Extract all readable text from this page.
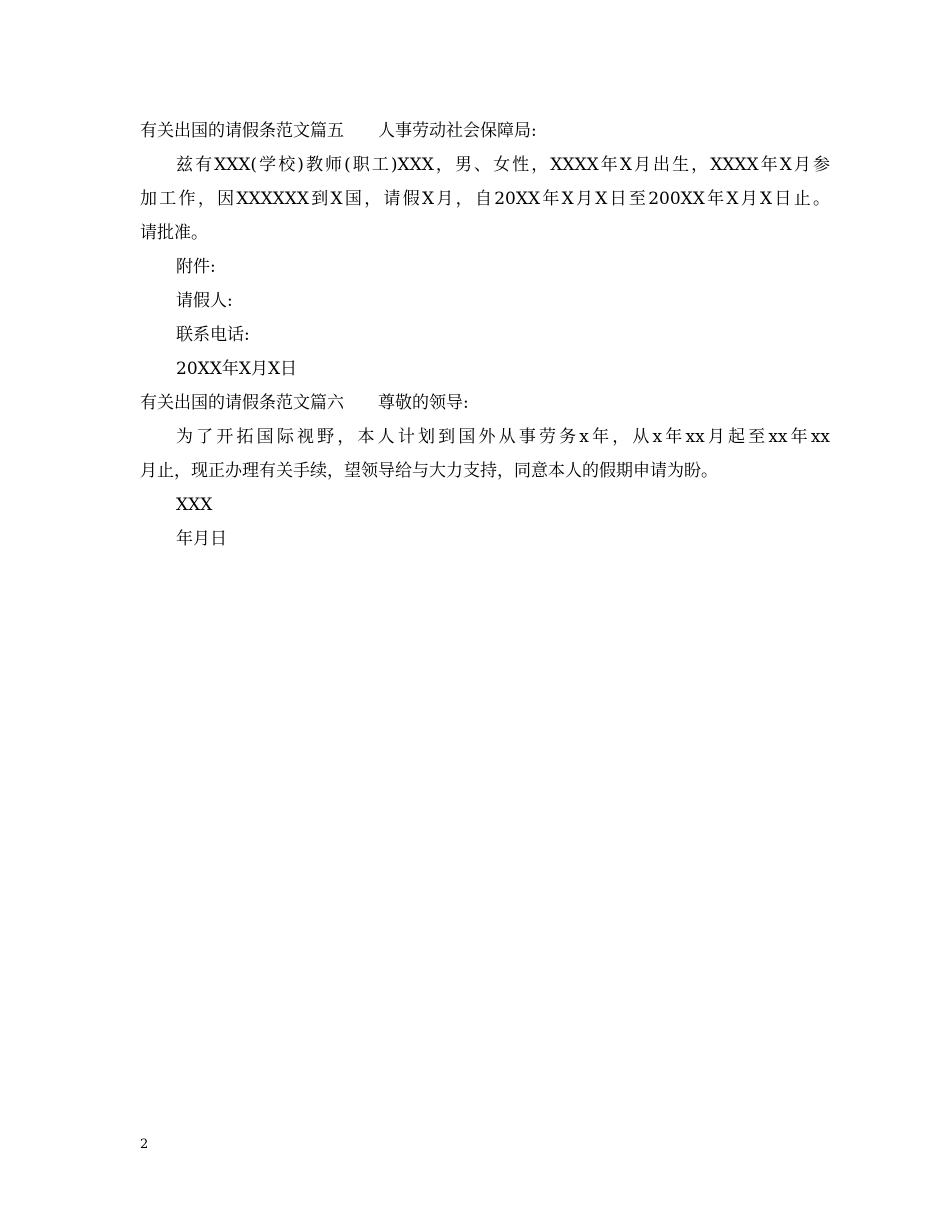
有关出国的请假条范文篇五 人事劳动社会保障局:
兹有XXX(学校)教师(职工)XXX，男、女性，XXXX年X月出生，XXXX年X月参
加工作，因XXXXXX到X国，请假X月，自20XX年X月X日至200XX年X月X日止。
请批准。
附件:
请假人:
联系电话:
20XX年X月X日
有关出国的请假条范文篇六 尊敬的领导:
为了开拓国际视野，本人计划到国外从事劳务x年，从x年xx月起至xx年xx
月止，现正办理有关手续，望领导给与大力支持，同意本人的假期申请为盼。
XXX
年月日
2
